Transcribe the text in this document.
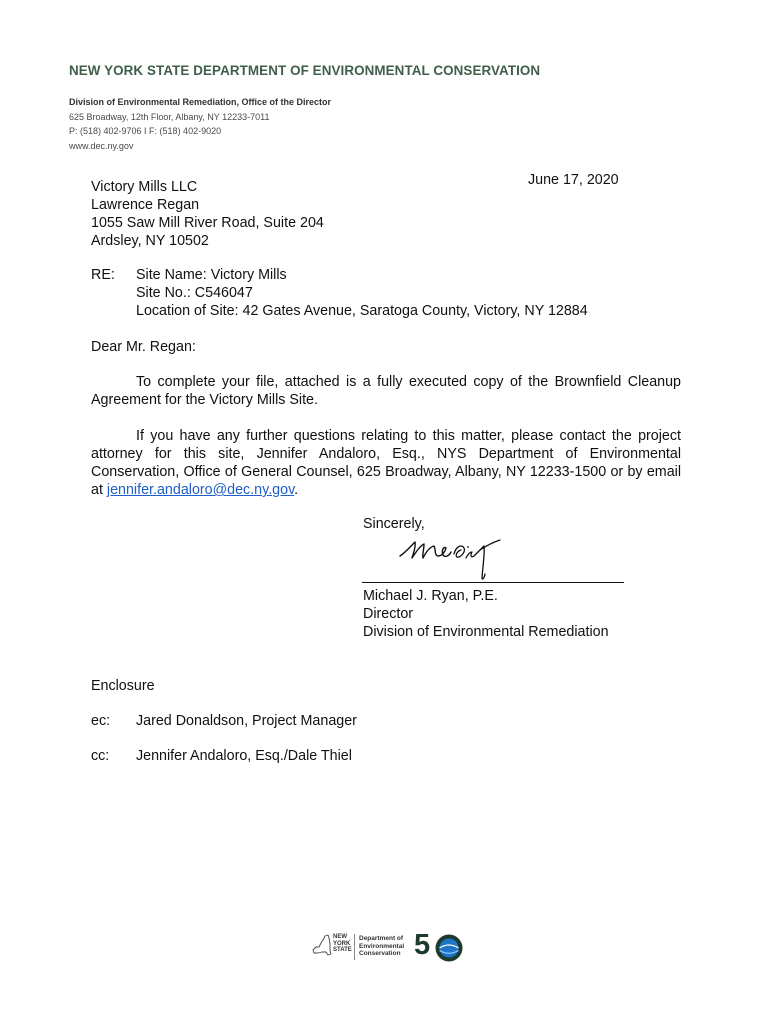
NEW YORK STATE DEPARTMENT OF ENVIRONMENTAL CONSERVATION
Division of Environmental Remediation, Office of the Director
625 Broadway, 12th Floor, Albany, NY 12233-7011
P: (518) 402-9706 I F: (518) 402-9020
www.dec.ny.gov
June 17, 2020
Victory Mills LLC
Lawrence Regan
1055 Saw Mill River Road, Suite 204
Ardsley, NY 10502
RE: Site Name: Victory Mills
Site No.: C546047
Location of Site: 42 Gates Avenue, Saratoga County, Victory, NY 12884
Dear Mr. Regan:
To complete your file, attached is a fully executed copy of the Brownfield Cleanup Agreement for the Victory Mills Site.
If you have any further questions relating to this matter, please contact the project attorney for this site, Jennifer Andaloro, Esq., NYS Department of Environmental Conservation, Office of General Counsel, 625 Broadway, Albany, NY 12233-1500 or by email at jennifer.andaloro@dec.ny.gov.
Sincerely,
Michael J. Ryan, P.E.
Director
Division of Environmental Remediation
Enclosure
ec: Jared Donaldson, Project Manager
cc: Jennifer Andaloro, Esq./Dale Thiel
NEW
YORK
STATE
Department of
Environmental
Conservation 5
